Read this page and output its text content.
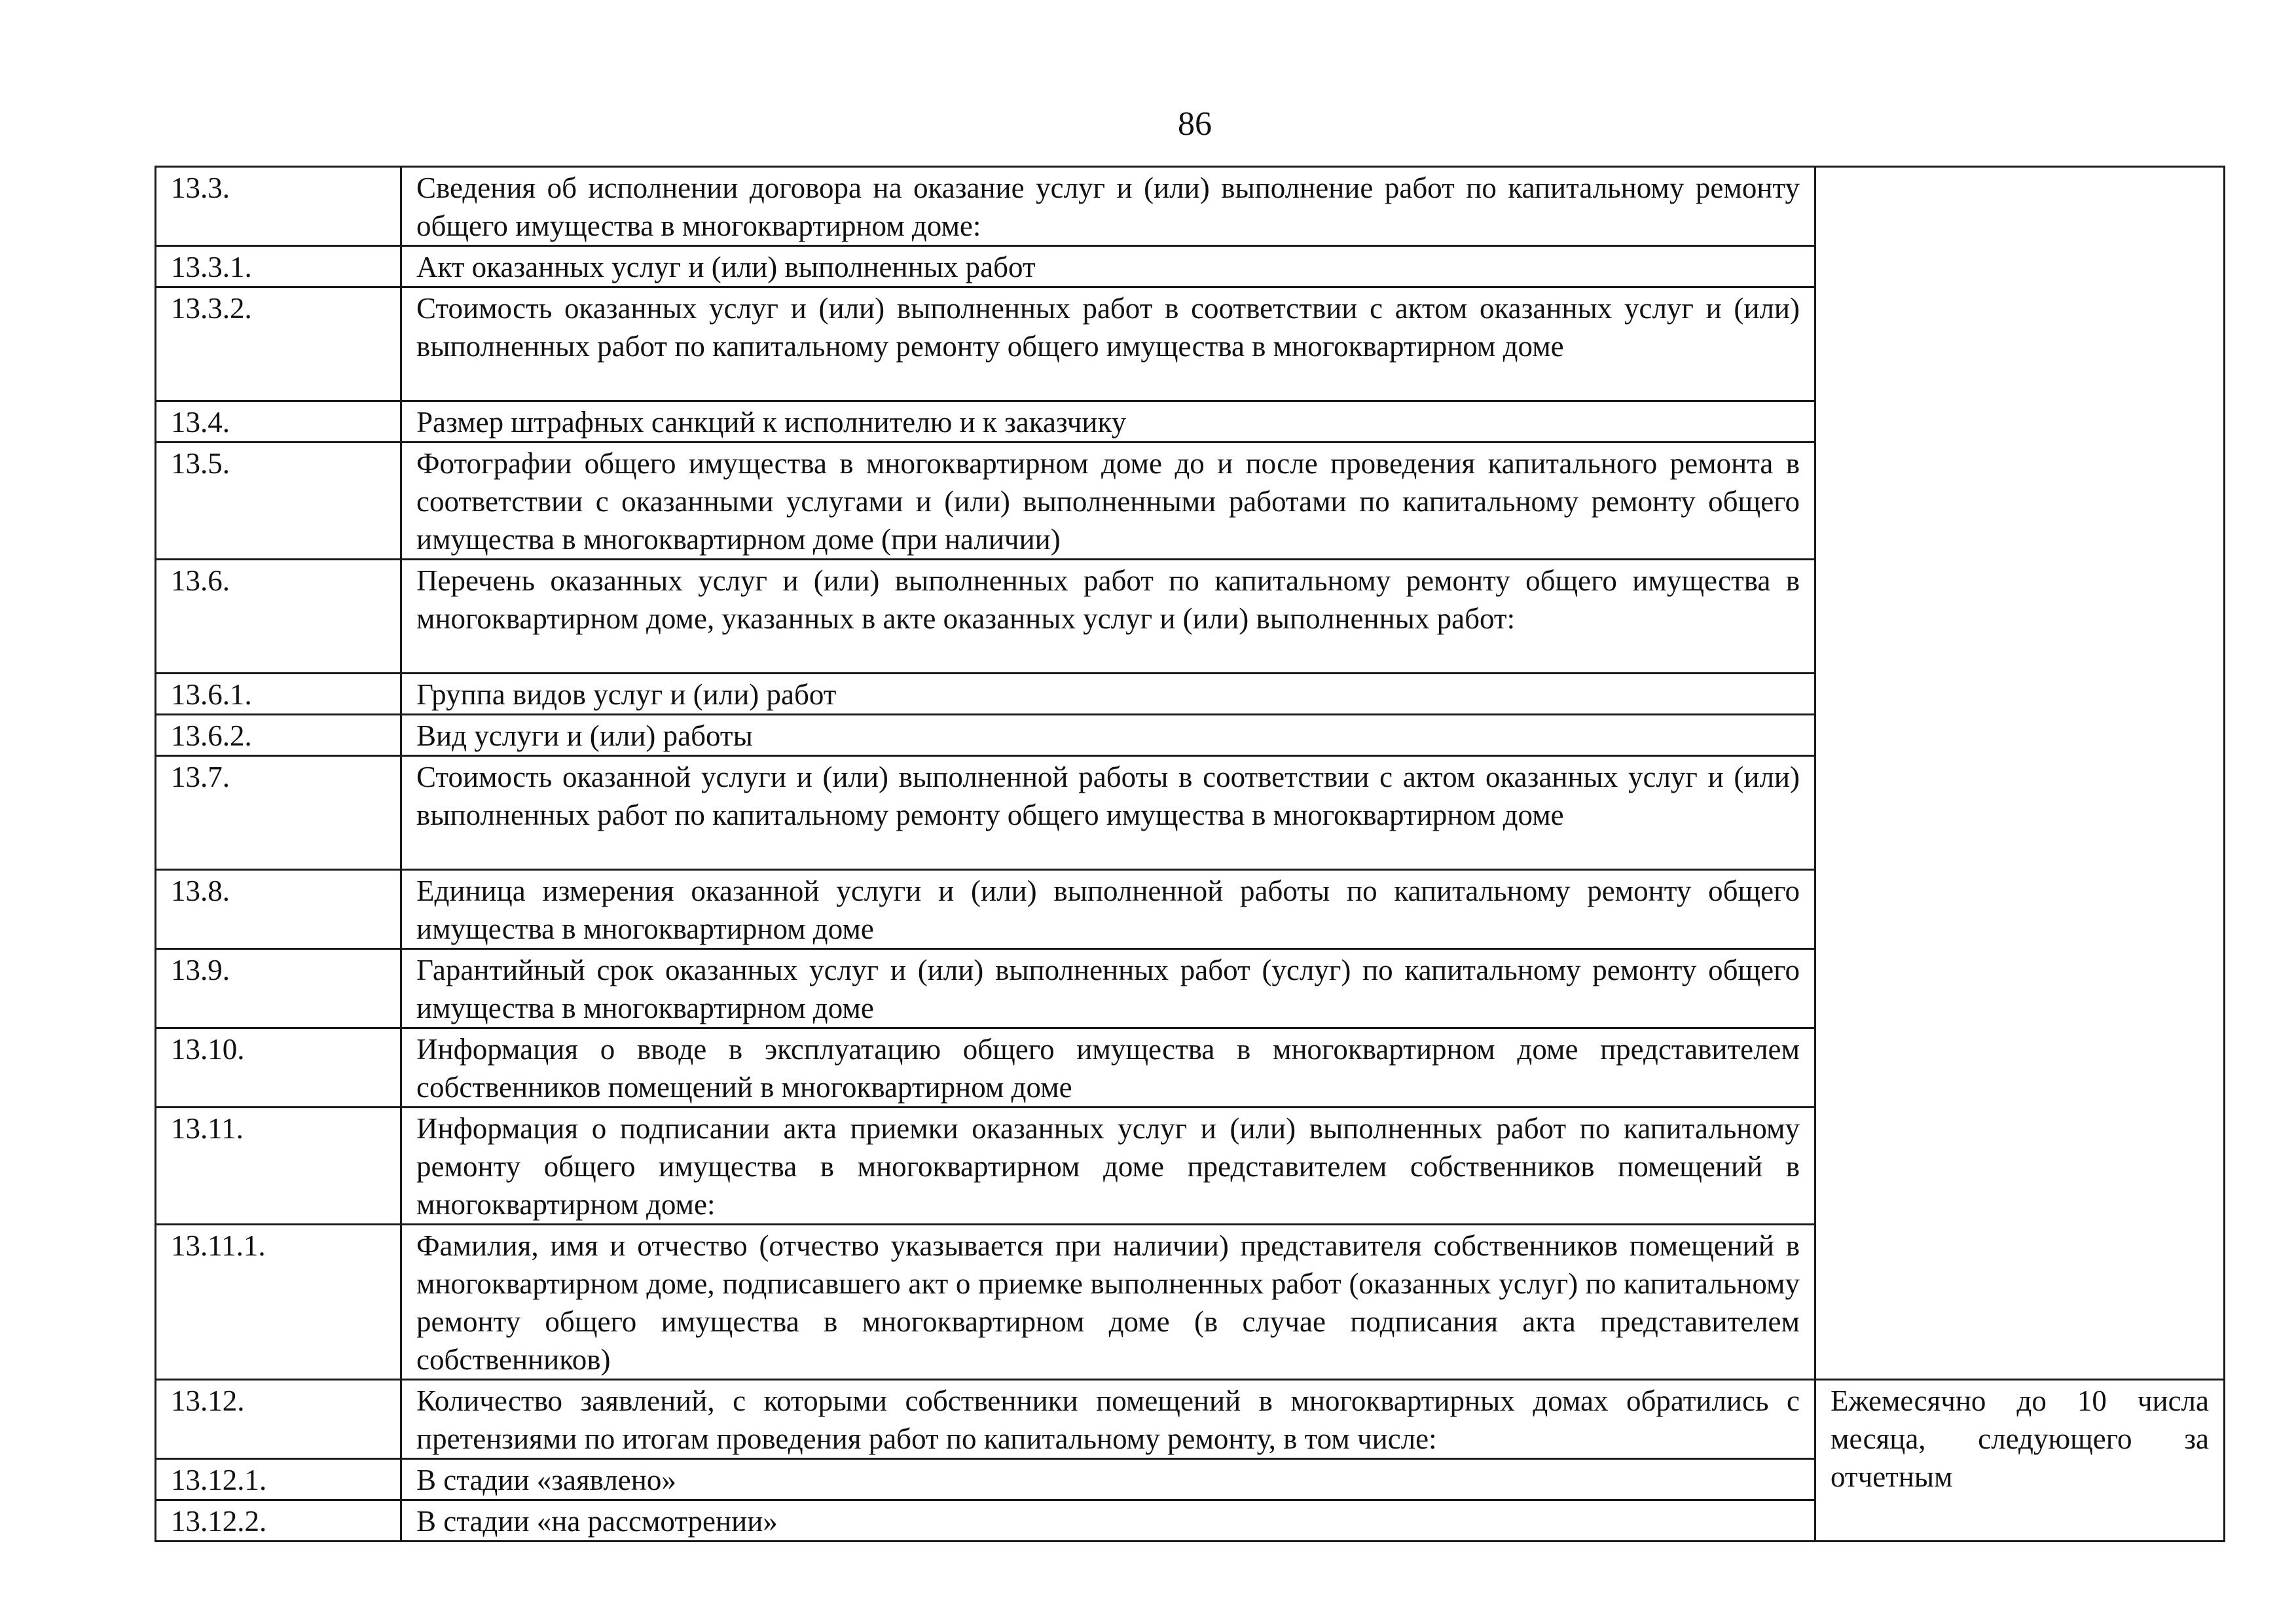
86
13.3.	Сведения об исполнении договора на оказание услуг и (или) выполнение работ по капитальному ремонту общего имущества в многоквартирном доме:	
13.3.1.	Акт оказанных услуг и (или) выполненных работ	
13.3.2.	Стоимость оказанных услуг и (или) выполненных работ в соответствии с актом оказанных услуг и (или) выполненных работ по капитальному ремонту общего имущества в многоквартирном доме	
13.4.	Размер штрафных санкций к исполнителю и к заказчику	
13.5.	Фотографии общего имущества в многоквартирном доме до и после проведения капитального ремонта в соответствии с оказанными услугами и (или) выполненными работами по капитальному ремонту общего имущества в многоквартирном доме (при наличии)	
13.6.	Перечень оказанных услуг и (или) выполненных работ по капитальному ремонту общего имущества в многоквартирном доме, указанных в акте оказанных услуг и (или) выполненных работ:	
13.6.1.	Группа видов услуг и (или) работ	
13.6.2.	Вид услуги и (или) работы	
13.7.	Стоимость оказанной услуги и (или) выполненной работы в соответствии с актом оказанных услуг и (или) выполненных работ по капитальному ремонту общего имущества в многоквартирном доме	
13.8.	Единица измерения оказанной услуги и (или) выполненной работы по капитальному ремонту общего имущества в многоквартирном доме	
13.9.	Гарантийный срок оказанных услуг и (или) выполненных работ (услуг) по капитальному ремонту общего имущества в многоквартирном доме	
13.10.	Информация о вводе в эксплуатацию общего имущества в многоквартирном доме представителем собственников помещений в многоквартирном доме	
13.11.	Информация о подписании акта приемки оказанных услуг и (или) выполненных работ по капитальному ремонту общего имущества в многоквартирном доме представителем собственников помещений в многоквартирном доме:	
13.11.1.	Фамилия, имя и отчество (отчество указывается при наличии) представителя собственников помещений в многоквартирном доме, подписавшего акт о приемке выполненных работ (оказанных услуг) по капитальному ремонту общего имущества в многоквартирном доме (в случае подписания акта представителем собственников)	
13.12.	Количество заявлений, с которыми собственники помещений в многоквартирных домах обратились с претензиями по итогам проведения работ по капитальному ремонту, в том числе:	Ежемесячно до 10 числа месяца, следующего за отчетным
13.12.1.	В стадии «заявлено»	
13.12.2.	В стадии «на рассмотрении»	
